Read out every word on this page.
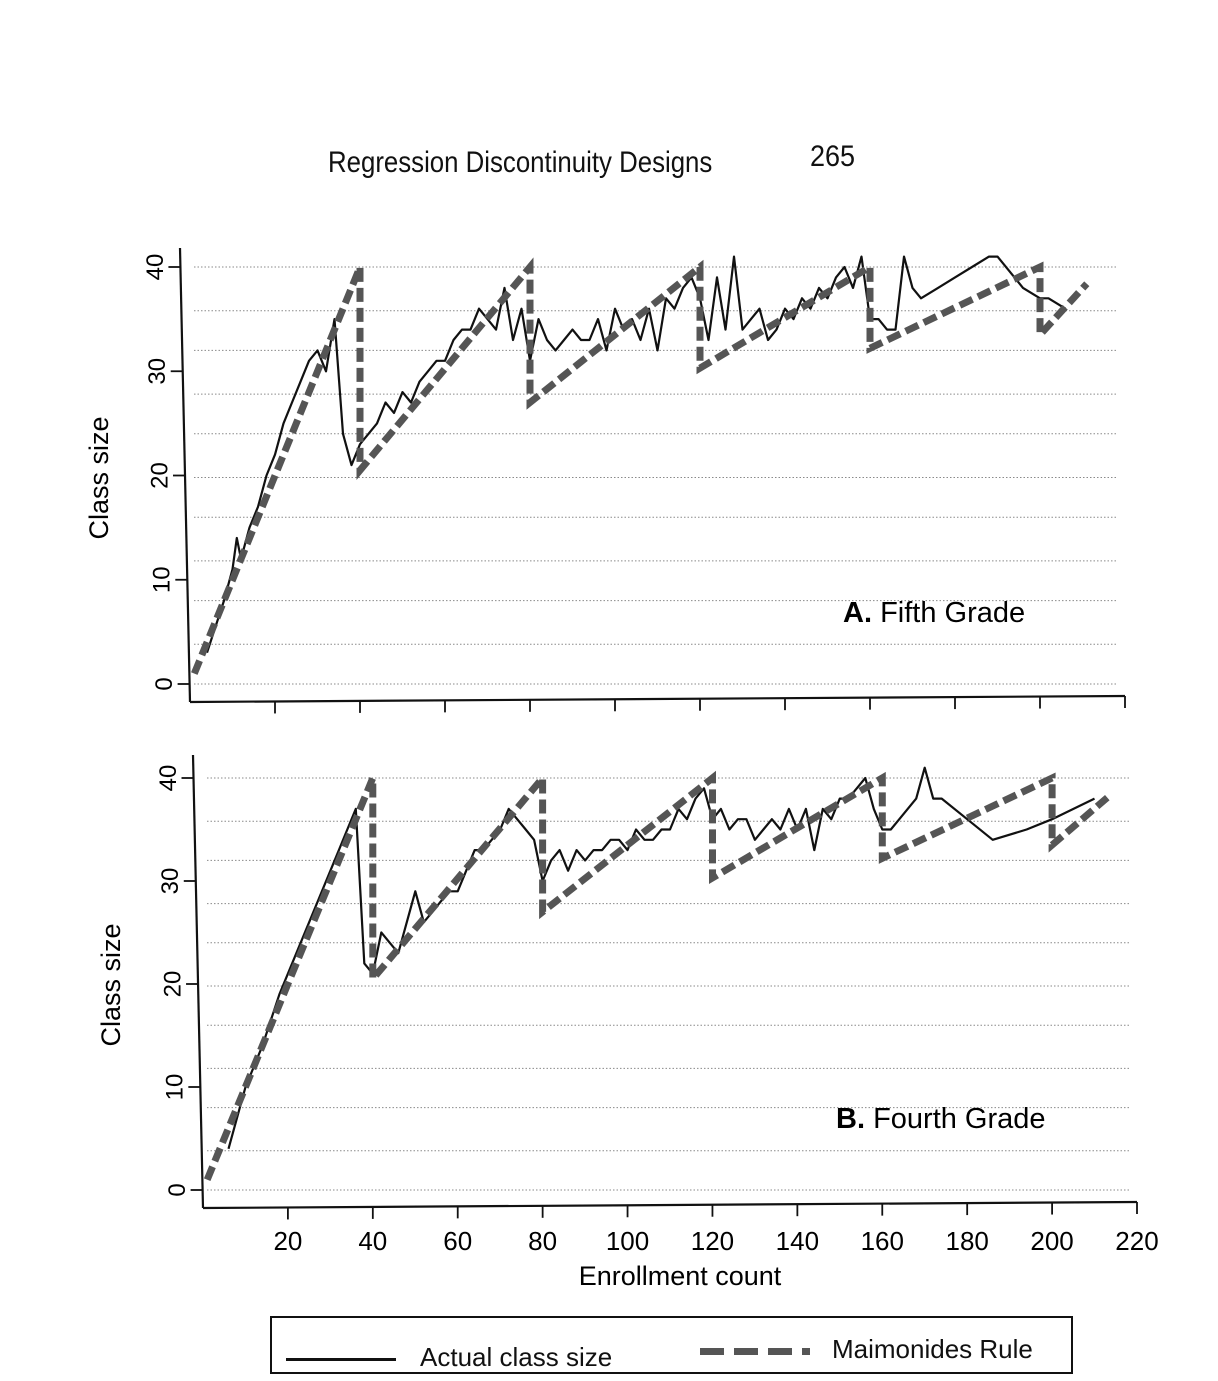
Regression Discontinuity Designs	265
0
10
20
30
40
Class size
A. Fifth Grade
0
10
20
30
40
20 40 60 80 100 120 140 160 180 200 220
Class size
Enrollment count
B. Fourth Grade
Actual class size	Maimonides Rule
